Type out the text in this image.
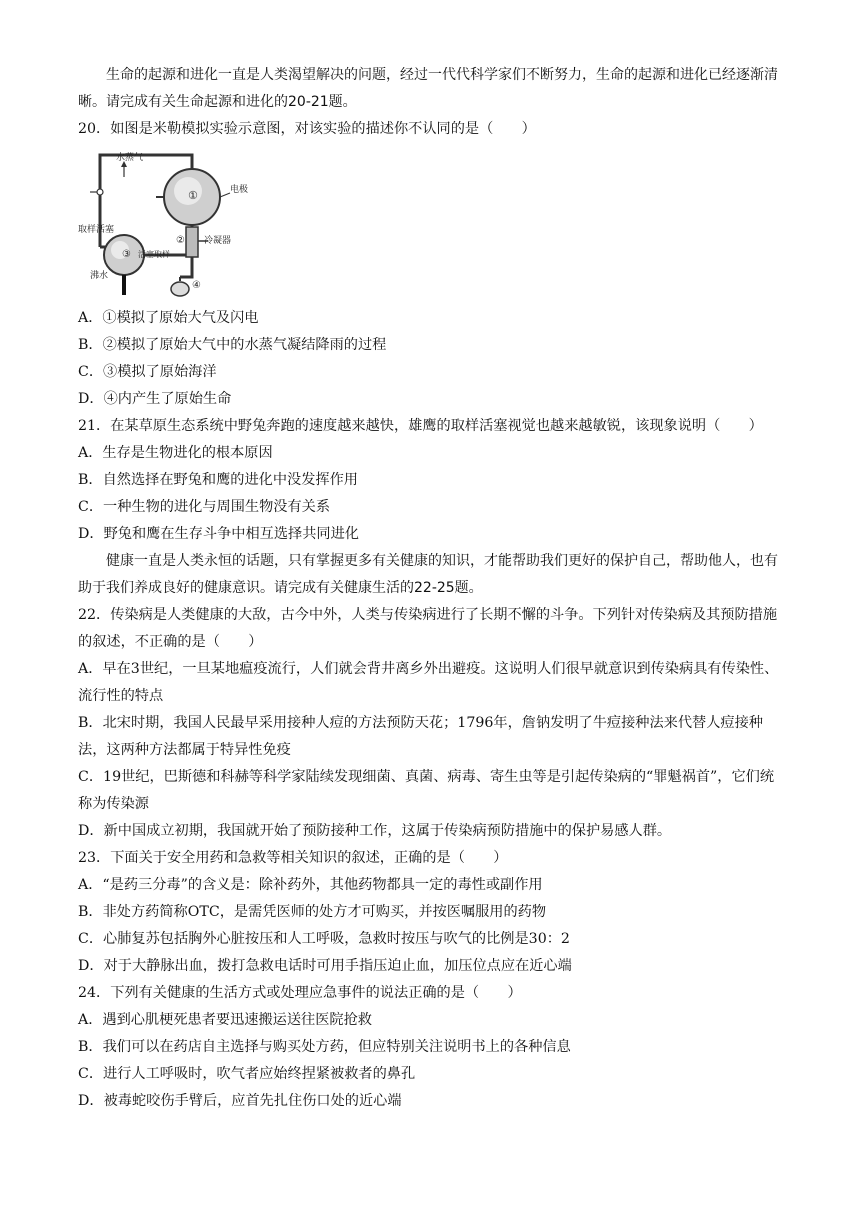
生命的起源和进化一直是人类渴望解决的问题，经过一代代科学家们不断努力，生命的起源和进化已经逐渐清晰。请完成有关生命起源和进化的20-21题。

20．如图是米勒模拟实验示意图，对该实验的描述你不认同的是（　　）

水蒸气
电极
①
② 冷凝器
取样活塞
③ 活塞取样
沸水
④

A．①模拟了原始大气及闪电

B．②模拟了原始大气中的水蒸气凝结降雨的过程

C．③模拟了原始海洋

D．④内产生了原始生命

21．在某草原生态系统中野兔奔跑的速度越来越快，雄鹰的取样活塞视觉也越来越敏锐，该现象说明（　　）

A．生存是生物进化的根本原因

B．自然选择在野兔和鹰的进化中没发挥作用

C．一种生物的进化与周围生物没有关系

D．野兔和鹰在生存斗争中相互选择共同进化

健康一直是人类永恒的话题，只有掌握更多有关健康的知识，才能帮助我们更好的保护自己，帮助他人，也有助于我们养成良好的健康意识。请完成有关健康生活的22-25题。

22．传染病是人类健康的大敌，古今中外，人类与传染病进行了长期不懈的斗争。下列针对传染病及其预防措施的叙述，不正确的是（　　）

A．早在3世纪，一旦某地瘟疫流行，人们就会背井离乡外出避疫。这说明人们很早就意识到传染病具有传染性、流行性的特点

B．北宋时期，我国人民最早采用接种人痘的方法预防天花；1796年，詹钠发明了牛痘接种法来代替人痘接种法，这两种方法都属于特异性免疫

C．19世纪，巴斯德和科赫等科学家陆续发现细菌、真菌、病毒、寄生虫等是引起传染病的“罪魁祸首”，它们统称为传染源

D．新中国成立初期，我国就开始了预防接种工作，这属于传染病预防措施中的保护易感人群。

23．下面关于安全用药和急救等相关知识的叙述，正确的是（　　）

A．“是药三分毒”的含义是：除补药外，其他药物都具一定的毒性或副作用

B．非处方药简称OTC，是需凭医师的处方才可购买，并按医嘱服用的药物

C．心肺复苏包括胸外心脏按压和人工呼吸，急救时按压与吹气的比例是30：2

D．对于大静脉出血，拨打急救电话时可用手指压迫止血，加压位点应在近心端

24．下列有关健康的生活方式或处理应急事件的说法正确的是（　　）

A．遇到心肌梗死患者要迅速搬运送往医院抢救

B．我们可以在药店自主选择与购买处方药，但应特别关注说明书上的各种信息

C．进行人工呼吸时，吹气者应始终捏紧被救者的鼻孔

D．被毒蛇咬伤手臂后，应首先扎住伤口处的近心端
